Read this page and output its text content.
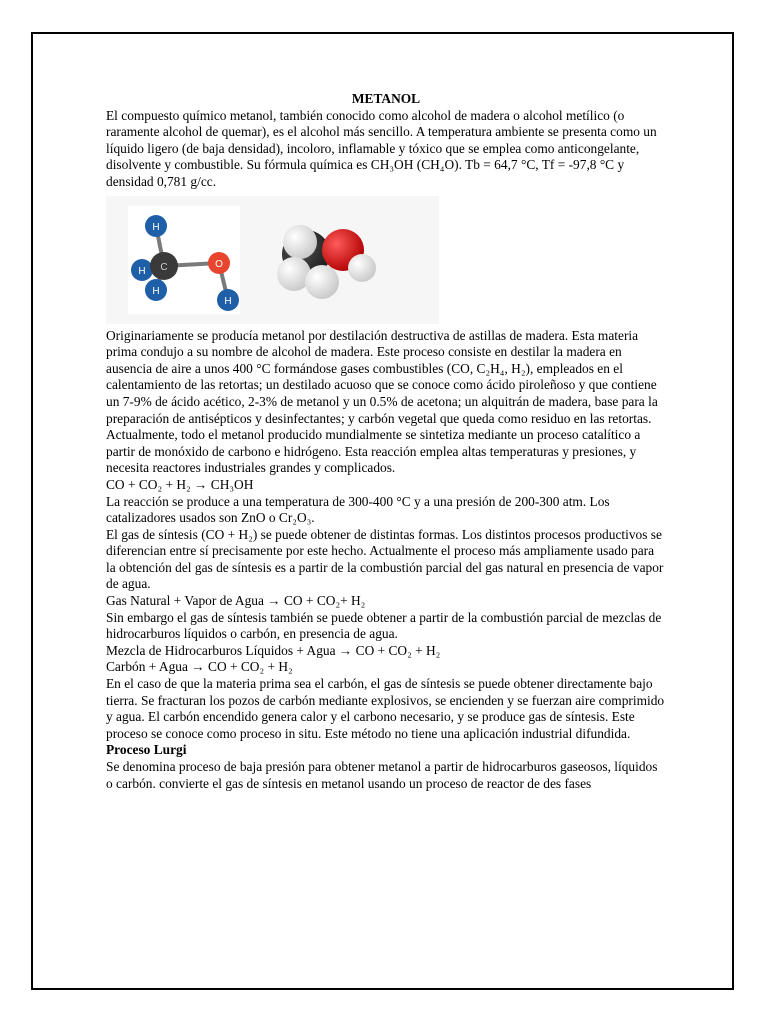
METANOL

El compuesto químico metanol, también conocido como alcohol de madera o alcohol metílico (o raramente alcohol de quemar), es el alcohol más sencillo. A temperatura ambiente se presenta como un líquido ligero (de baja densidad), incoloro, inflamable y tóxico que se emplea como anticongelante, disolvente y combustible. Su fórmula química es CH₃OH (CH₄O). Tb = 64,7 °C, Tf = -97,8 °C y densidad 0,781 g/cc.

H
H
H
C	O
H

Originariamente se producía metanol por destilación destructiva de astillas de madera. Esta materia prima condujo a su nombre de alcohol de madera. Este proceso consiste en destilar la madera en ausencia de aire a unos 400 °C formándose gases combustibles (CO, C₂H₄, H₂), empleados en el calentamiento de las retortas; un destilado acuoso que se conoce como ácido piroleñoso y que contiene un 7-9% de ácido acético, 2-3% de metanol y un 0.5% de acetona; un alquitrán de madera, base para la preparación de antisépticos y desinfectantes; y carbón vegetal que queda como residuo en las retortas.

Actualmente, todo el metanol producido mundialmente se sintetiza mediante un proceso catalítico a partir de monóxido de carbono e hidrógeno. Esta reacción emplea altas temperaturas y presiones, y necesita reactores industriales grandes y complicados.

CO + CO₂ + H₂ → CH₃OH

La reacción se produce a una temperatura de 300-400 °C y a una presión de 200-300 atm. Los catalizadores usados son ZnO o Cr₂O₃.

El gas de síntesis (CO + H₂) se puede obtener de distintas formas. Los distintos procesos productivos se diferencian entre sí precisamente por este hecho. Actualmente el proceso más ampliamente usado para la obtención del gas de síntesis es a partir de la combustión parcial del gas natural en presencia de vapor de agua.

Gas Natural + Vapor de Agua → CO + CO₂+ H₂

Sin embargo el gas de síntesis también se puede obtener a partir de la combustión parcial de mezclas de hidrocarburos líquidos o carbón, en presencia de agua.

Mezcla de Hidrocarburos Líquidos + Agua → CO + CO₂ + H₂

Carbón + Agua → CO + CO₂ + H₂

En el caso de que la materia prima sea el carbón, el gas de síntesis se puede obtener directamente bajo tierra. Se fracturan los pozos de carbón mediante explosivos, se encienden y se fuerzan aire comprimido y agua. El carbón encendido genera calor y el carbono necesario, y se produce gas de síntesis. Este proceso se conoce como proceso in situ. Este método no tiene una aplicación industrial difundida.

Proceso Lurgi

Se denomina proceso de baja presión para obtener metanol a partir de hidrocarburos gaseosos, líquidos o carbón. convierte el gas de síntesis en metanol usando un proceso de reactor de des fases
